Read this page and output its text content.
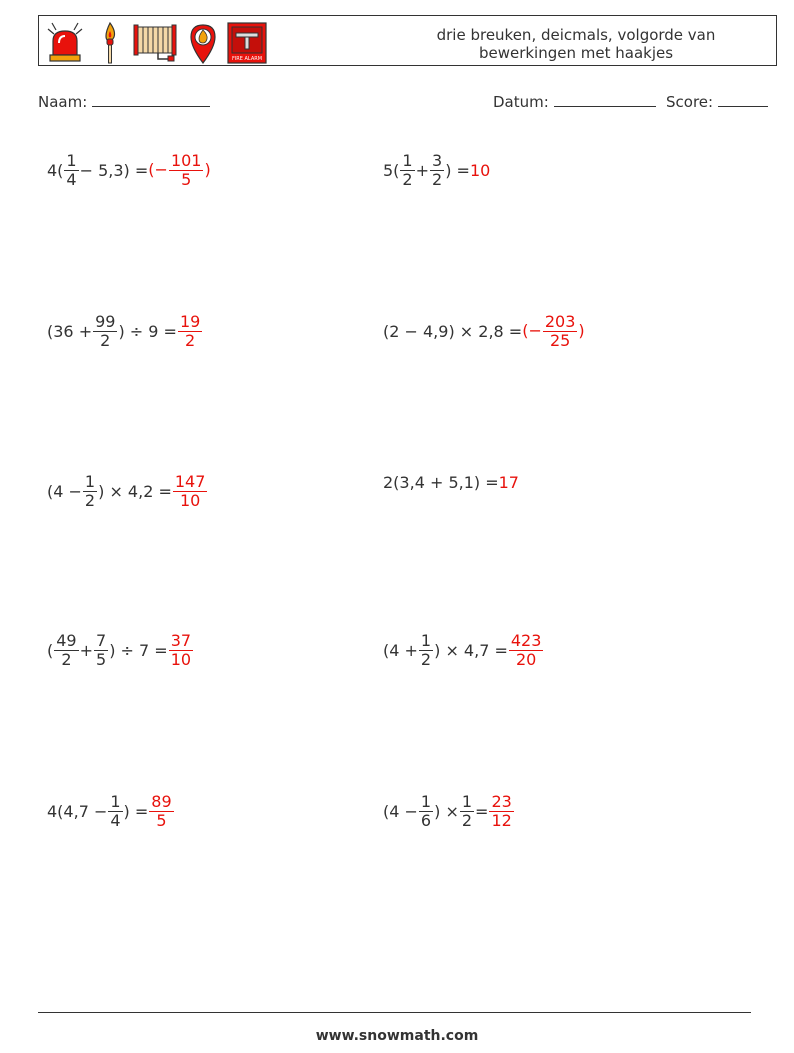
FIRE ALARM
drie breuken, deicmals, volgorde van
bewerkingen met haakjes
Naam:	Datum:	Score:
$4( \frac{1}{4} - 5,3)$ = (− $\frac{101}{5}$ )	$5( \frac{1}{2} + \frac{3}{2}$ ) = 10
($36 + \frac{99}{2}$ ) ÷ $9 = \frac{19}{2}$	(2 − 4,9) × 2,8 = (− $\frac{203}{25}$ )
($4 - \frac{1}{2}$ ) × $4,2 = \frac{147}{10}$	2(3,4 + 5,1) = 17
( $\frac{49}{2} + \frac{7}{5}$ ) ÷ $7 = \frac{37}{10}$	($4 + \frac{1}{2}$ ) × $4,7 = \frac{423}{20}$
$4(4,7 - \frac{1}{4}$ ) = $\frac{89}{5}$	($4 - \frac{1}{6}$ ) × $\frac{1}{2} = \frac{23}{12}$
www.snowmath.com
